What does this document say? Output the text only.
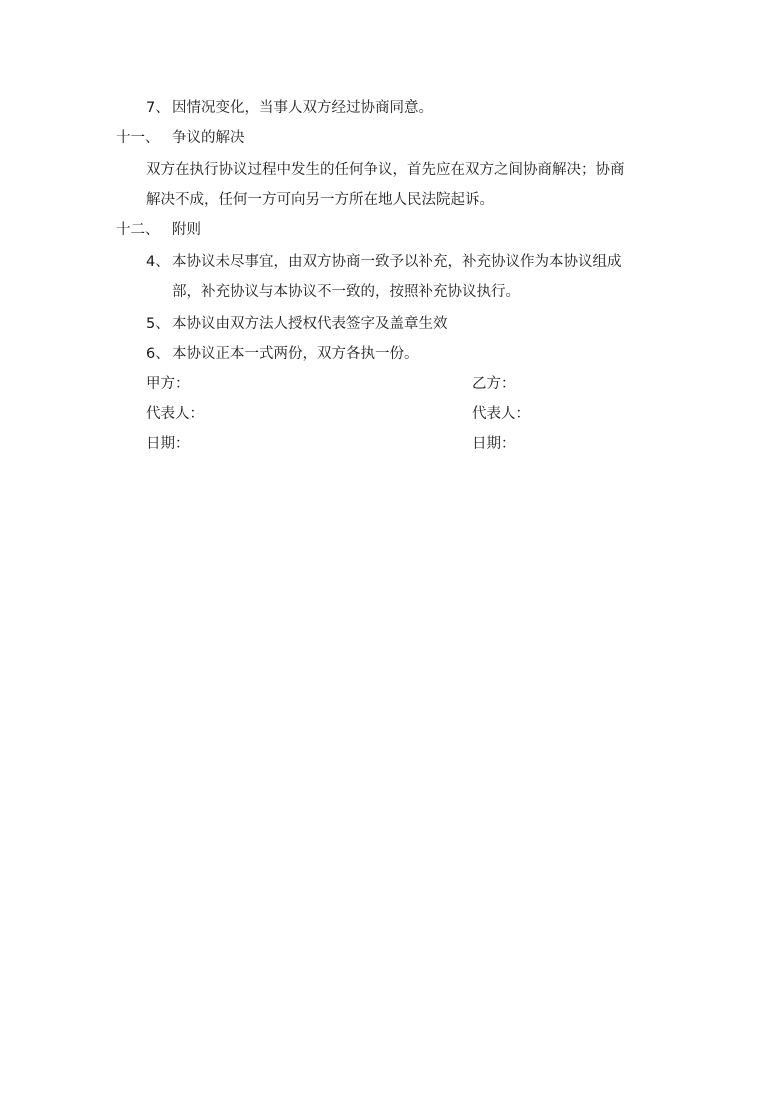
7、 因情况变化，当事人双方经过协商同意。
十一、 争议的解决
双方在执行协议过程中发生的任何争议，首先应在双方之间协商解决；协商
解决不成，任何一方可向另一方所在地人民法院起诉。
十二、 附则
4、 本协议未尽事宜，由双方协商一致予以补充，补充协议作为本协议组成
部，补充协议与本协议不一致的，按照补充协议执行。
5、 本协议由双方法人授权代表签字及盖章生效
6、 本协议正本一式两份，双方各执一份。
甲方：	乙方：
代表人：	代表人：
日期：	日期：
